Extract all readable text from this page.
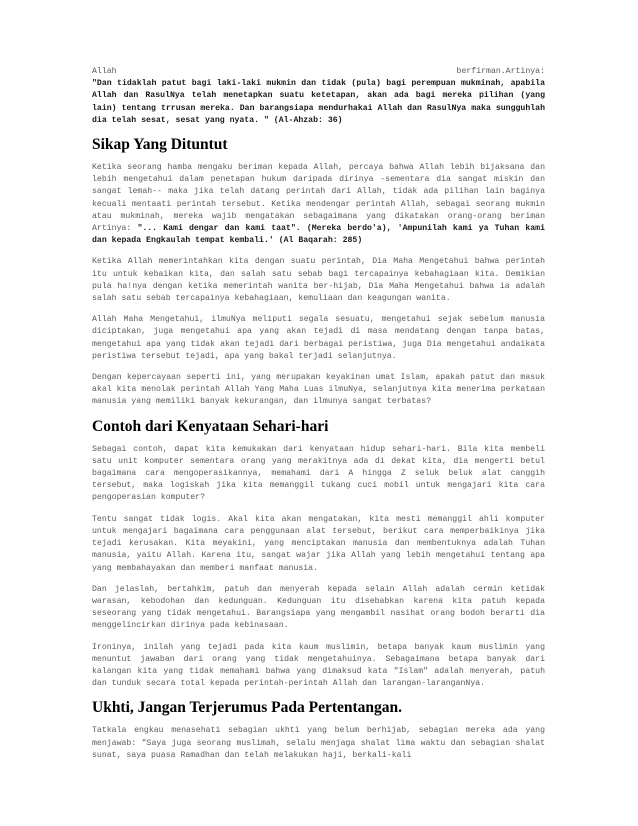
Allah	berfirman.Artinya:
"Dan tidaklah patut bagi laki-laki mukmin dan tidak (pula) bagi perempuan mukminah, apabila Allah dan RasulNya telah menetapkan suatu ketetapan, akan ada bagi mereka pilihan (yang lain) tentang trrusan mereka. Dan barangsiapa mendurhakai Allah dan RasulNya maka sungguhlah dia telah sesat, sesat yang nyata. " (Al-Ahzab: 36)

Sikap Yang Dituntut

Ketika seorang hamba mengaku beriman kepada Allah, percaya bahwa Allah lebih bijaksana dan lebih mengetahui dalam penetapan hukum daripada dirinya -sementara dia sangat miskin dan sangat lemah-- maka jika telah datang perintah dari Allah, tidak ada pilihan lain baginya kecuali mentaati perintah tersebut. Ketika mendengar perintah Allah, sebagai seorang mukmin atau mukminah, mereka wajib mengatakan sebagaimana yang dikatakan orang-orang beriman Artinya: "... Kami dengar dan kami taat". (Mereka berdo'a), 'Ampunilah kami ya Tuhan kami dan kepada Engkaulah tempat kembali.' (Al Baqarah: 285)

Ketika Allah memerintahkan kita dengan suatu perintah, Dia Maha Mengetahui bahwa perintah itu untuk kebaikan kita, dan salah satu sebab bagi tercapainya kebahagiaan kita. Demikian pula ha!nya dengan ketika memerintah wanita ber-hijab, Dia Maha Mengetahui bahwa ia adalah salah satu sebab tercapainya kebahagiaan, kemuliaan dan keagungan wanita.

Allah Maha Mengetahui, ilmuNya meliputi segala sesuatu, mengetahui sejak sebelum manusia diciptakan, juga mengetahui apa yang akan tejadi di masa mendatang dengan tanpa batas, mengetahui apa yang tidak akan tejadi dari berbagai peristiwa, juga Dia mengetahui andaikata peristiwa tersebut tejadi, apa yang bakal terjadi selanjutnya.

Dengan kepercayaan seperti ini, yang merupakan keyakinan umat Islam, apakah patut dan masuk akal kita menolak perintah Allah Yang Maha Luas ilmuNya, selanjutnya kita menerima perkataan manusia yang memiliki banyak kekurangan, dan ilmunya sangat terbatas?

Contoh dari Kenyataan Sehari-hari

Sebagai contoh, dapat kita kemukakan dari kenyataan hidup sehari-hari. Bila kita membeli satu unit komputer sementara orang yang merakitnya ada di dekat kita, dia mengerti betul bagaimana cara mengoperasikannya, memahami dari A hingga Z seluk beluk alat canggih tersebut, maka logiskah jika kita memanggil tukang cuci mobil untuk mengajari kita cara pengoperasian komputer?

Tentu sangat tidak logis. Akal kita akan mengatakan, kita mesti memanggil ahli komputer untuk mengajari bagaimana cara penggunaan alat tersebut, berikut cara memperbaikinya jika tejadi kerusakan. Kita meyakini, yang menciptakan manusia dan membentuknya adalah Tuhan manusia, yaitu Allah. Karena itu, sangat wajar jika Allah yang lebih mengetahui tentang apa yang membahayakan dan memberi manfaat manusia.

Dan jelaslah, bertahkim, patuh dan menyerah kepada selain Allah adalah cermin ketidak warasan, kebodohan dan kedunguan. Kedunguan itu disebabkan karena kita patuh kepada seseorang yang tidak mengetahui. Barangsiapa yang mengambil nasihat orang bodoh berarti dia menggelincirkan dirinya pada kebinasaan.

Ironinya, inilah yang tejadi pada kita kaum muslimin, betapa banyak kaum muslimin yang menuntut jawaban dari orang yang tidak mengetahuinya. Sebagaimana betapa banyak dari kalangan kita yang tidak memahami bahwa yang dimaksud kata "Islam" adalah menyerah, patuh dan tunduk secara total kepada perintah-perintah Allah dan larangan-laranganNya.

Ukhti, Jangan Terjerumus Pada Pertentangan.

Tatkala engkau menasehati sebagian ukhti yang belum berhijab, sebagian mereka ada yang menjawab: "Saya juga seorang muslimah, selalu menjaga shalat lima waktu dan sebagian shalat sunat, saya puasa Ramadhan dan telah melakukan haji, berkali-kali
